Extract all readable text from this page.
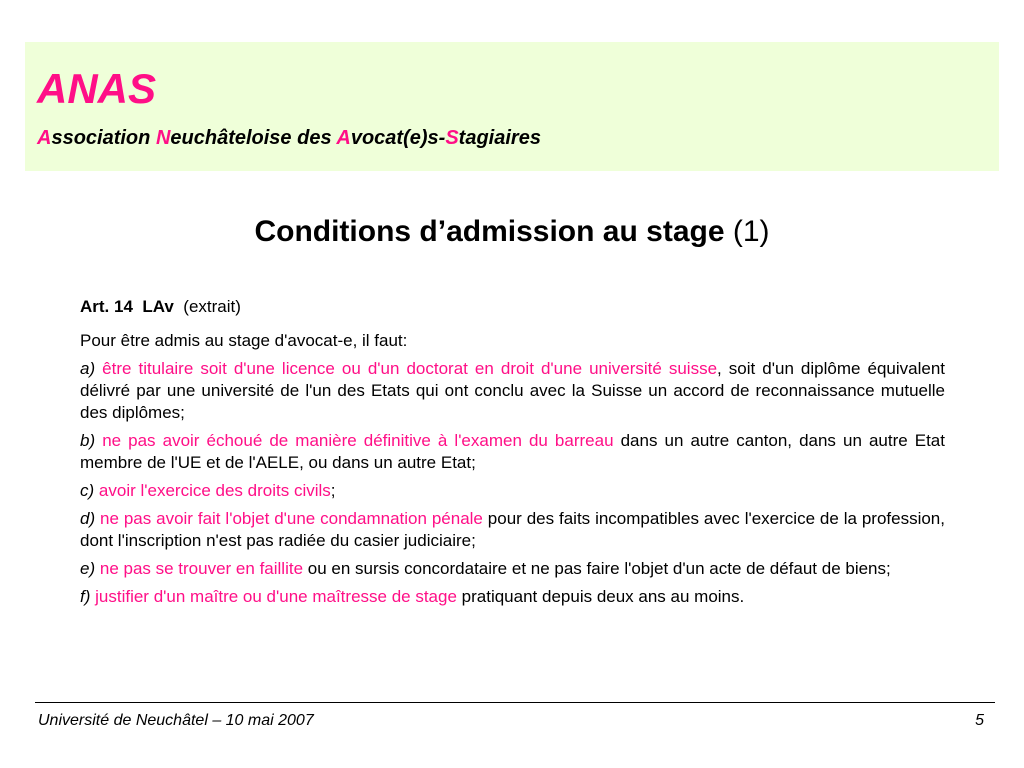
ANAS
Association Neuchâteloise des Avocat(e)s-Stagiaires
Conditions d’admission au stage (1)
Art. 14  LAv (extrait)
Pour être admis au stage d'avocat-e, il faut:
a) être titulaire soit d'une licence ou d'un doctorat en droit d'une université suisse, soit d'un diplôme équivalent délivré par une université de l'un des Etats qui ont conclu avec la Suisse un accord de reconnaissance mutuelle des diplômes;
b) ne pas avoir échoué de manière définitive à l'examen du barreau dans un autre canton, dans un autre Etat membre de l'UE et de l'AELE, ou dans un autre Etat;
c) avoir l'exercice des droits civils;
d) ne pas avoir fait l'objet d'une condamnation pénale pour des faits incompatibles avec l'exercice de la profession, dont l'inscription n'est pas radiée du casier judiciaire;
e) ne pas se trouver en faillite ou en sursis concordataire et ne pas faire l'objet d'un acte de défaut de biens;
f) justifier d'un maître ou d'une maîtresse de stage pratiquant depuis deux ans au moins.
Université de Neuchâtel – 10 mai 2007	5
